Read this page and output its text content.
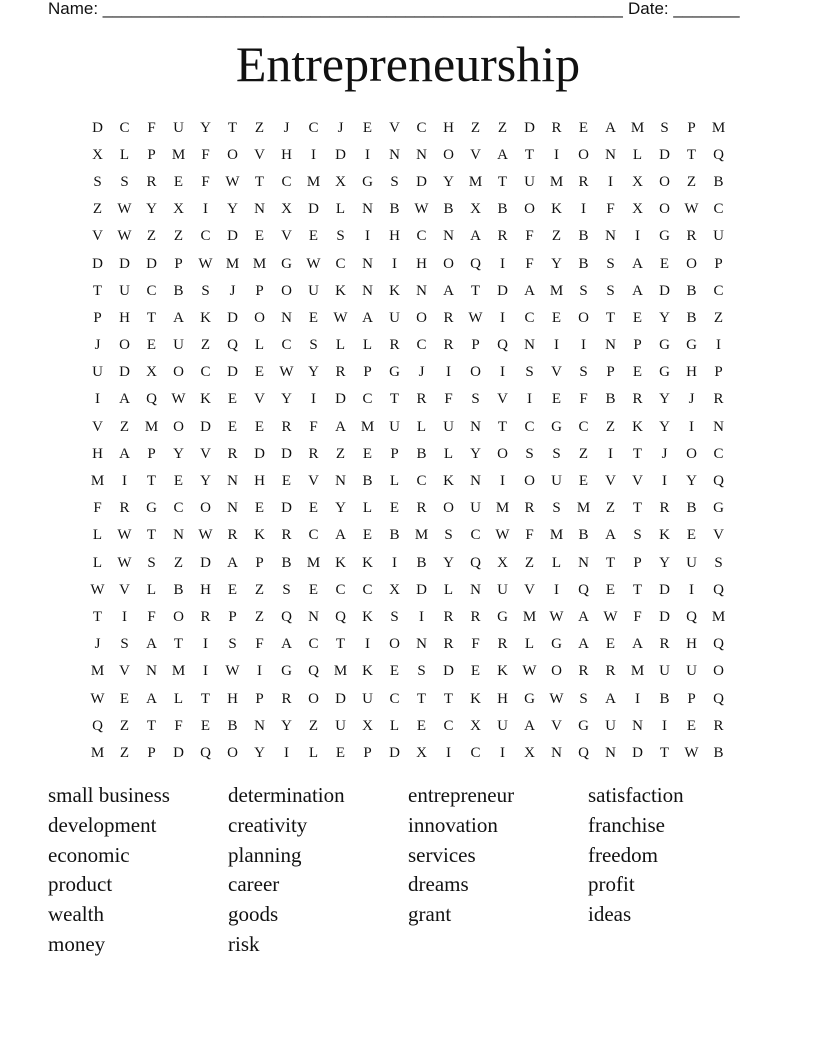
Name: _______________________________________________________ Date: _______
Entrepreneurship
D	C	F	U	Y	T	Z	J	C	J	E	V	C	H	Z	Z	D	R	E	A M	S	P	M
X	L	P	M	F	O	V	H	I	D	I	N	N	O	V	A	T	I	O	N	L	D	T	Q
S	S	R	E	F	W	T	C	M X	G	S	D	Y M	T	U M	R	I	X	O	Z	B
Z	W Y	X	I	Y	N	X	D	L	N	B W B	X	B	O	K	I	F	X	O W C
V W	Z	Z	C	D	E	V	E	S	I	H	C	N	A	R	F	Z	B	N	I	G	R	U
D	D	D	P	W M M G W C	N	I	H	O	Q	I	F	Y	B	S	A	E	O	P
T	U	C	B	S	J	P	O	U	K	N	K	N	A	T	D	A M	S	S	A	D	B	C
P	H	T	A	K	D	O	N	E	W A	U	O	R W	I	C	E	O	T	E	Y	B	Z
J	O	E	U	Z	Q	L	C	S	L	L	R	C	R	P	Q	N	I	I	N	P	G	G	I
U	D	X	O	C	D	E	W Y	R	P	G	J	I	O	I	S	V	S	P	E	G	H	P
I	A	Q W K	E	V	Y	I	D	C	T	R	F	S	V	I	E	F	B	R	Y	J	R
V	Z	M O	D	E	E	R	F	A M U	L	U	N	T	C	G	C	Z	K	Y	I	N
H	A	P	Y	V	R	D	D	R	Z	E	P	B	L	Y	O	S	S	Z	I	T	J	O	C
M	I	T	E	Y	N	H	E	V	N	B	L	C	K	N	I	O	U	E	V	V	I	Y	Q
F	R	G	C	O	N	E	D	E	Y	L	E	R	O	U M	R	S	M	Z	T	R	B	G
L	W	T	N W R	K	R	C	A	E	B	M	S	C W	F	M	B	A	S	K	E	V
L	W	S	Z	D	A	P	B	M K	K	I	B	Y	Q	X	Z	L	N	T	P	Y	U	S
W V	L	B	H	E	Z	S	E	C	C	X	D	L	N	U	V	I	Q	E	T	D	I	Q
T	I	F	O	R	P	Z	Q	N	Q	K	S	I	R	R	G M W A W	F	D	Q M
J	S	A	T	I	S	F	A	C	T	I	O	N	R	F	R	L	G	A	E	A	R	H	Q
M V	N M	I	W	I	G	Q M K	E	S	D	E	K W O	R	R	M U	U	O
W	E	A	L	T	H	P	R	O	D	U	C	T	T	K	H	G W	S	A	I	B	P	Q
Q	Z	T	F	E	B	N	Y	Z	U	X	L	E	C	X	U	A	V	G	U	N	I	E	R
M	Z	P	D	Q	O	Y	I	L	E	P	D	X	I	C	I	X	N	Q	N	D	T	W B
small business
development
economic
product
wealth
money
determination
creativity
planning
career
goods
risk
entrepreneur
innovation
services
dreams
grant
satisfaction
franchise
freedom
profit
ideas
